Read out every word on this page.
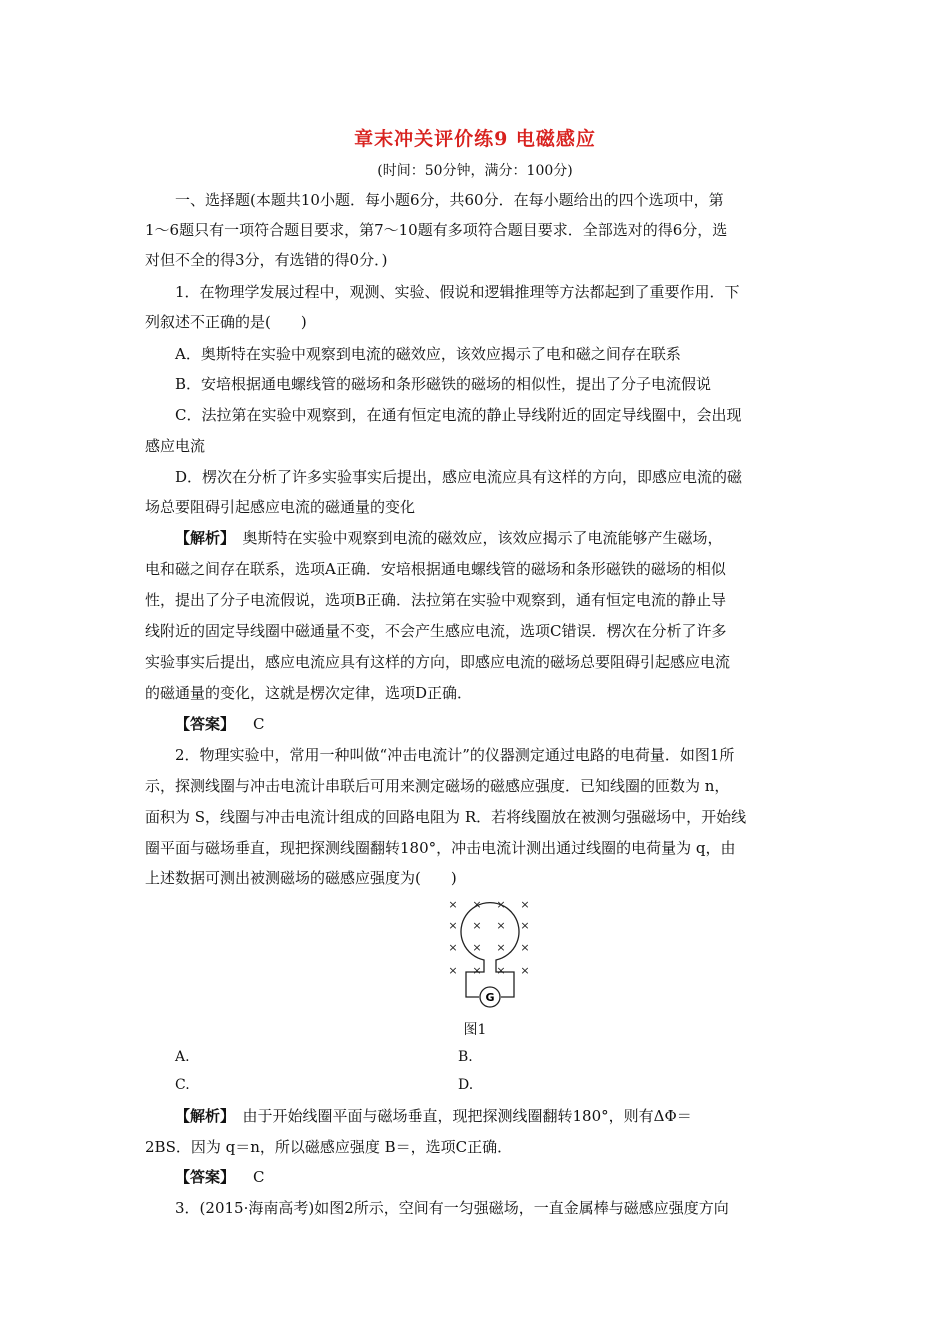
章末冲关评价练9 电磁感应
(时间：50分钟，满分：100分)
一、选择题(本题共10小题．每小题6分，共60分．在每小题给出的四个选项中，第
1～6题只有一项符合题目要求，第7～10题有多项符合题目要求．全部选对的得6分，选
对但不全的得3分，有选错的得0分．)
1．在物理学发展过程中，观测、实验、假说和逻辑推理等方法都起到了重要作用．下
列叙述不正确的是(　　)
A．奥斯特在实验中观察到电流的磁效应，该效应揭示了电和磁之间存在联系
B．安培根据通电螺线管的磁场和条形磁铁的磁场的相似性，提出了分子电流假说
C．法拉第在实验中观察到，在通有恒定电流的静止导线附近的固定导线圈中，会出现
感应电流
D．楞次在分析了许多实验事实后提出，感应电流应具有这样的方向，即感应电流的磁
场总要阻碍引起感应电流的磁通量的变化
【解析】　奥斯特在实验中观察到电流的磁效应，该效应揭示了电流能够产生磁场，
电和磁之间存在联系，选项A正确．安培根据通电螺线管的磁场和条形磁铁的磁场的相似
性，提出了分子电流假说，选项B正确．法拉第在实验中观察到，通有恒定电流的静止导
线附近的固定导线圈中磁通量不变，不会产生感应电流，选项C错误．楞次在分析了许多
实验事实后提出，感应电流应具有这样的方向，即感应电流的磁场总要阻碍引起感应电流
的磁通量的变化，这就是楞次定律，选项D正确．
【答案】 C
2．物理实验中，常用一种叫做“冲击电流计”的仪器测定通过电路的电荷量．如图1所
示，探测线圈与冲击电流计串联后可用来测定磁场的磁感应强度．已知线圈的匝数为 n，
面积为 S，线圈与冲击电流计组成的回路电阻为 R．若将线圈放在被测匀强磁场中，开始线
圈平面与磁场垂直，现把探测线圈翻转180°，冲击电流计测出通过线圈的电荷量为 q，由
上述数据可测出被测磁场的磁感应强度为(　　)
× × × ×
× × × ×
× × × ×
× × × ×
G
图1
A.	B.
C.	D.
【解析】　由于开始线圈平面与磁场垂直，现把探测线圈翻转180°，则有ΔΦ＝
2BS．因为 q＝n，所以磁感应强度 B＝，选项C正确．
【答案】 C
3．(2015·海南高考)如图2所示，空间有一匀强磁场，一直金属棒与磁感应强度方向
